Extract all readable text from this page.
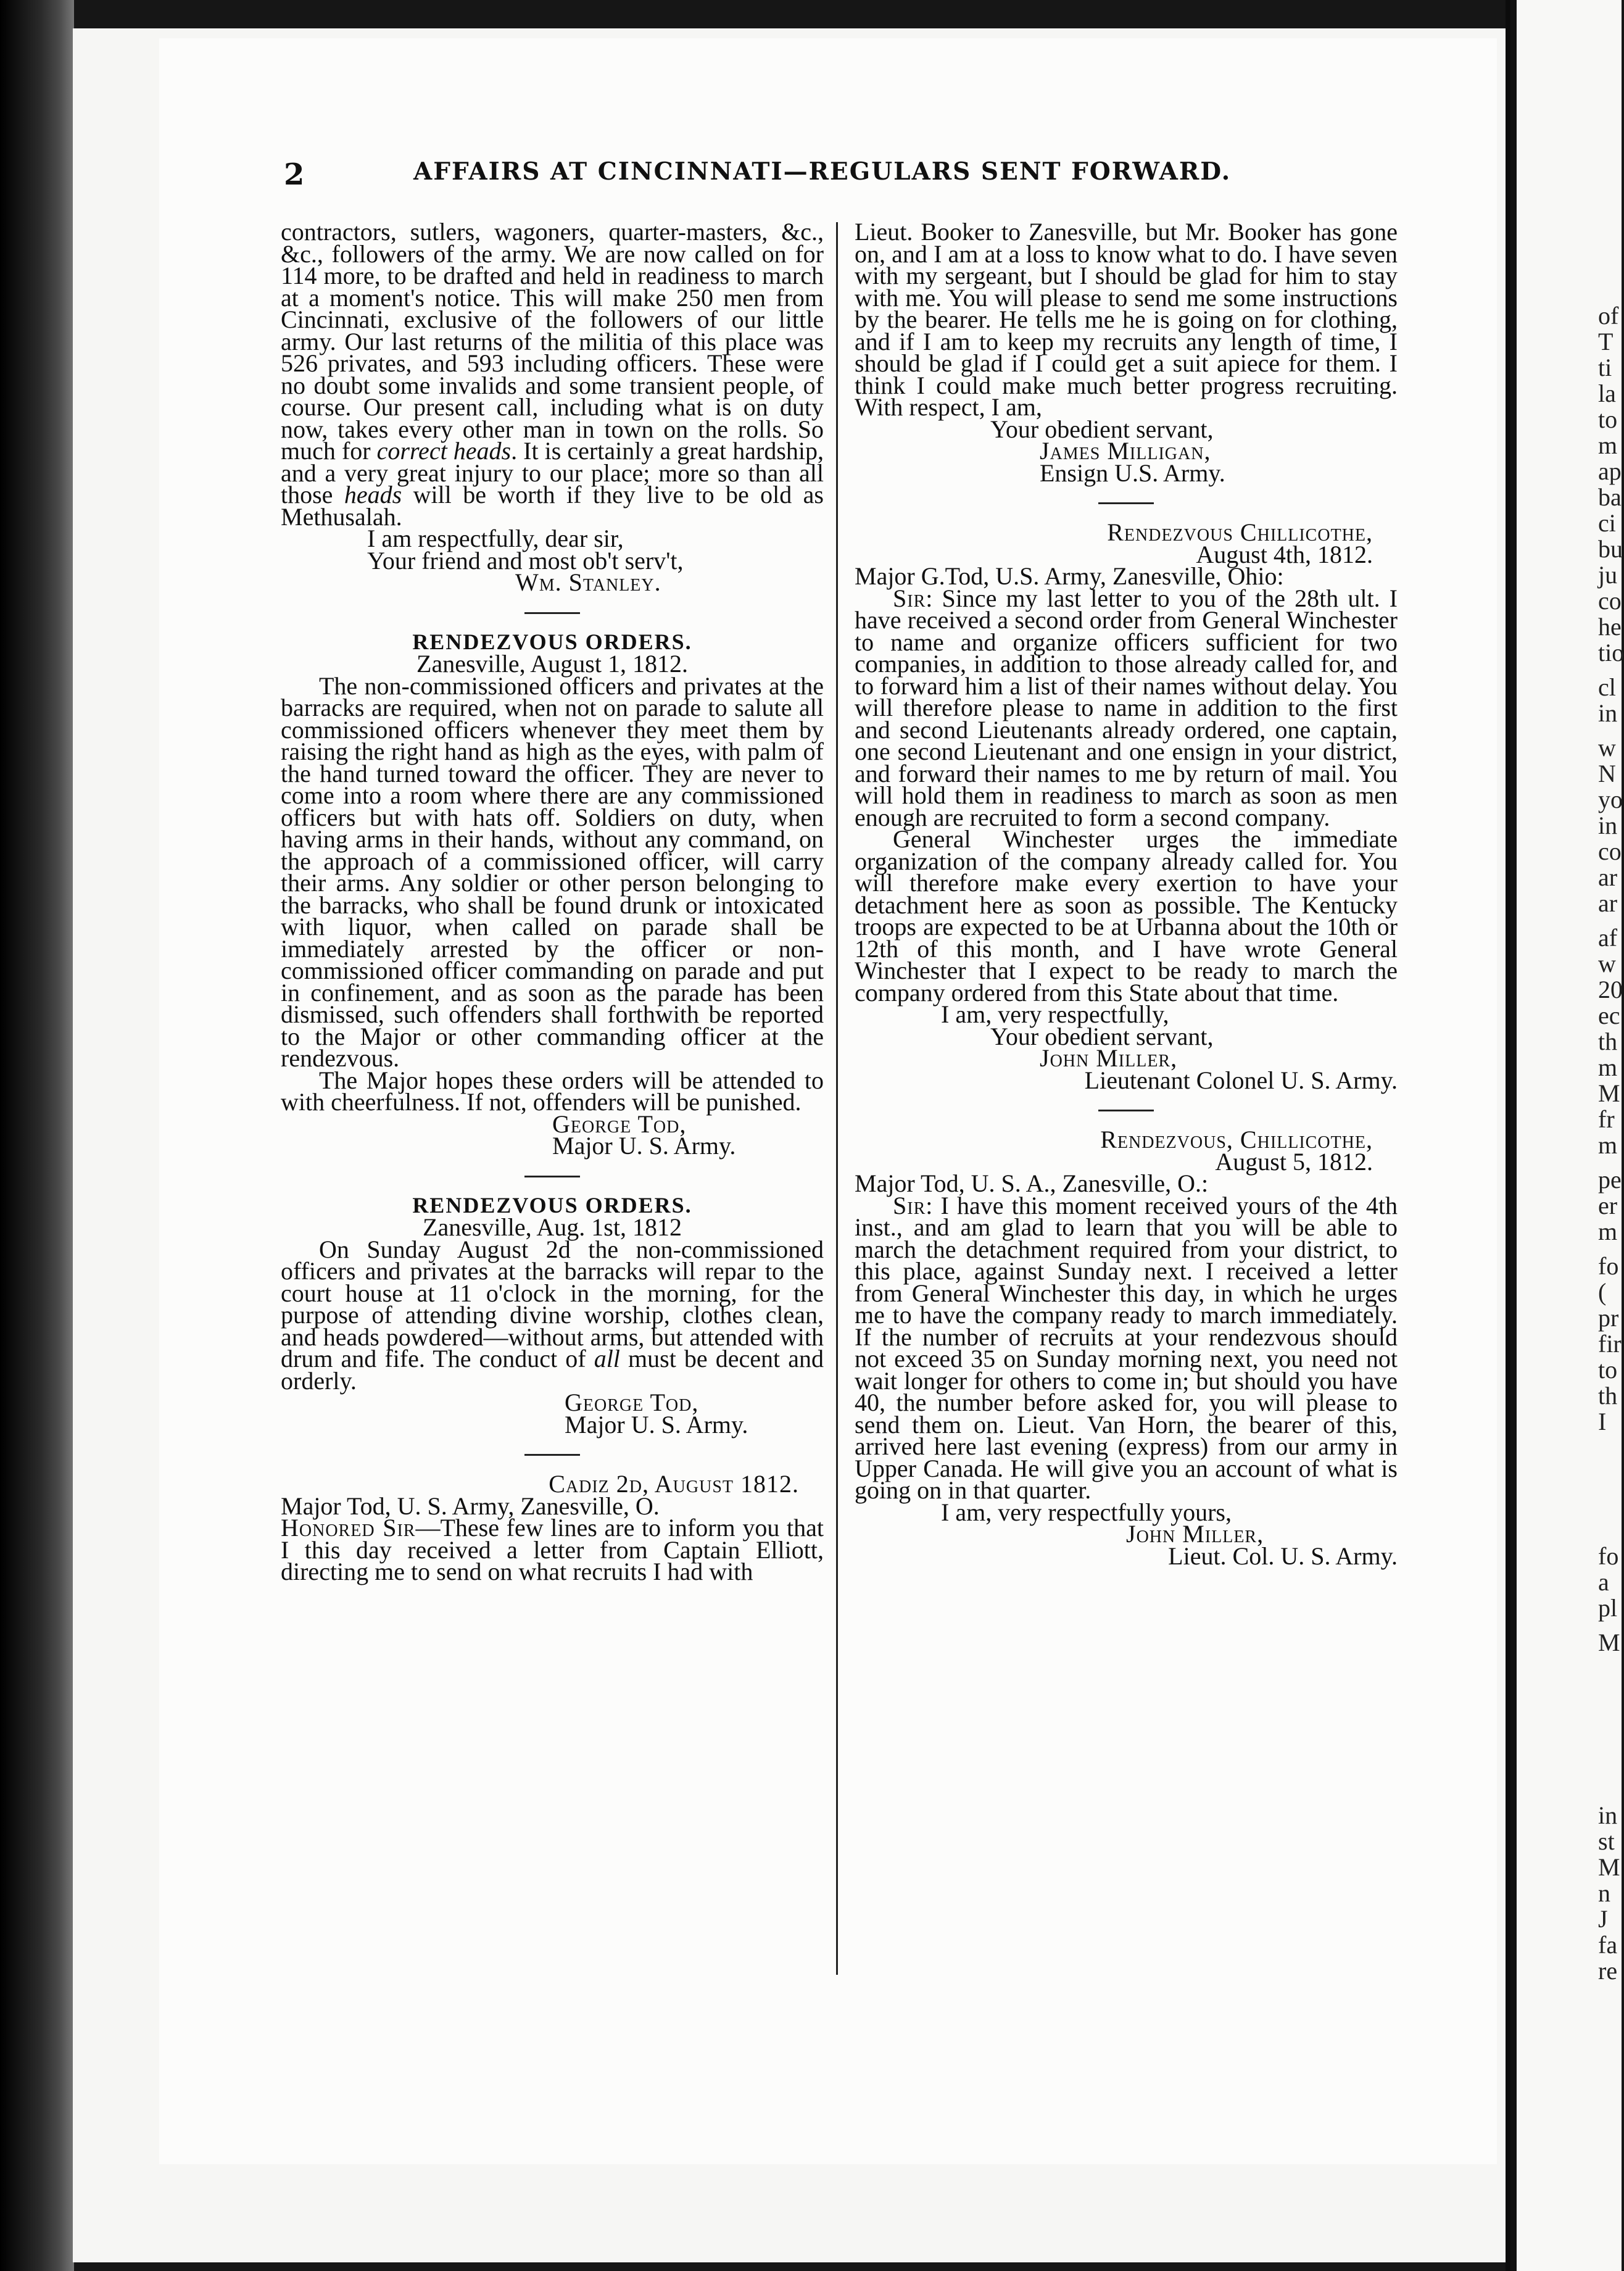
of
T
ti
la
to
m
ap
ba
ci
bu
ju
co
he
tio
cl
in
w
N
yo
in
co
ar
ar
af
w
20
ec
th
m
M
fr
m
pe
er
m
fo
(
pr
fir
to
th
I
fo
a
pl
M
in
st
M
n
J
fa
re
2	AFFAIRS AT CINCINNATI—REGULARS SENT FORWARD.

contractors, sutlers, wagoners, quarter-masters, &c., &c., followers of the army. We are now called on for 114 more, to be drafted and held in readiness to march at a moment's notice. This will make 250 men from Cincinnati, exclusive of the followers of our little army. Our last returns of the militia of this place was 526 privates, and 593 including officers. These were no doubt some invalids and some transient people, of course. Our present call, including what is on duty now, takes every other man in town on the rolls. So much for correct heads. It is certainly a great hardship, and a very great injury to our place; more so than all those heads will be worth if they live to be old as Methusalah.

I am respectfully, dear sir,

Your friend and most ob't serv't,

Wm. Stanley.

RENDEZVOUS ORDERS.

Zanesville, August 1, 1812.

The non-commissioned officers and privates at the barracks are required, when not on parade to salute all commissioned officers whenever they meet them by raising the right hand as high as the eyes, with palm of the hand turned toward the officer. They are never to come into a room where there are any commissioned officers but with hats off. Soldiers on duty, when having arms in their hands, without any command, on the approach of a commissioned officer, will carry their arms. Any soldier or other person belonging to the barracks, who shall be found drunk or intoxicated with liquor, when called on parade shall be immediately arrested by the officer or non-commissioned officer commanding on parade and put in confinement, and as soon as the parade has been dismissed, such offenders shall forthwith be reported to the Major or other commanding officer at the rendezvous.

The Major hopes these orders will be attended to with cheerfulness. If not, offenders will be punished.

George Tod,

Major U. S. Army.

RENDEZVOUS ORDERS.

Zanesville, Aug. 1st, 1812

On Sunday August 2d the non-commissioned officers and privates at the barracks will repar to the court house at 11 o'clock in the morning, for the purpose of attending divine worship, clothes clean, and heads powdered—without arms, but attended with drum and fife. The conduct of all must be decent and orderly.

George Tod,

Major U. S. Army.

Cadiz 2d, August 1812.

Major Tod, U. S. Army, Zanesville, O.

Honored Sir—These few lines are to inform you that I this day received a letter from Captain Elliott, directing me to send on what recruits I had with

Lieut. Booker to Zanesville, but Mr. Booker has gone on, and I am at a loss to know what to do. I have seven with my sergeant, but I should be glad for him to stay with me. You will please to send me some instructions by the bearer. He tells me he is going on for clothing, and if I am to keep my recruits any length of time, I should be glad if I could get a suit apiece for them. I think I could make much better progress recruiting. With respect, I am,

Your obedient servant,

James Milligan,

Ensign U.S. Army.

Rendezvous Chillicothe,

August 4th, 1812.

Major G.Tod, U.S. Army, Zanesville, Ohio:

Sir: Since my last letter to you of the 28th ult. I have received a second order from General Winchester to name and organize officers sufficient for two companies, in addition to those already called for, and to forward him a list of their names without delay. You will therefore please to name in addition to the first and second Lieutenants already ordered, one captain, one second Lieutenant and one ensign in your district, and forward their names to me by return of mail. You will hold them in readiness to march as soon as men enough are recruited to form a second company.

General Winchester urges the immediate organization of the company already called for. You will therefore make every exertion to have your detachment here as soon as possible. The Kentucky troops are expected to be at Urbanna about the 10th or 12th of this month, and I have wrote General Winchester that I expect to be ready to march the company ordered from this State about that time.

I am, very respectfully,

Your obedient servant,

John Miller,

Lieutenant Colonel U. S. Army.

Rendezvous, Chillicothe,

August 5, 1812.

Major Tod, U. S. A., Zanesville, O.:

Sir: I have this moment received yours of the 4th inst., and am glad to learn that you will be able to march the detachment required from your district, to this place, against Sunday next. I received a letter from General Winchester this day, in which he urges me to have the company ready to march immediately. If the number of recruits at your rendezvous should not exceed 35 on Sunday morning next, you need not wait longer for others to come in; but should you have 40, the number before asked for, you will please to send them on. Lieut. Van Horn, the bearer of this, arrived here last evening (express) from our army in Upper Canada. He will give you an account of what is going on in that quarter.

I am, very respectfully yours,

John Miller,

Lieut. Col. U. S. Army.
